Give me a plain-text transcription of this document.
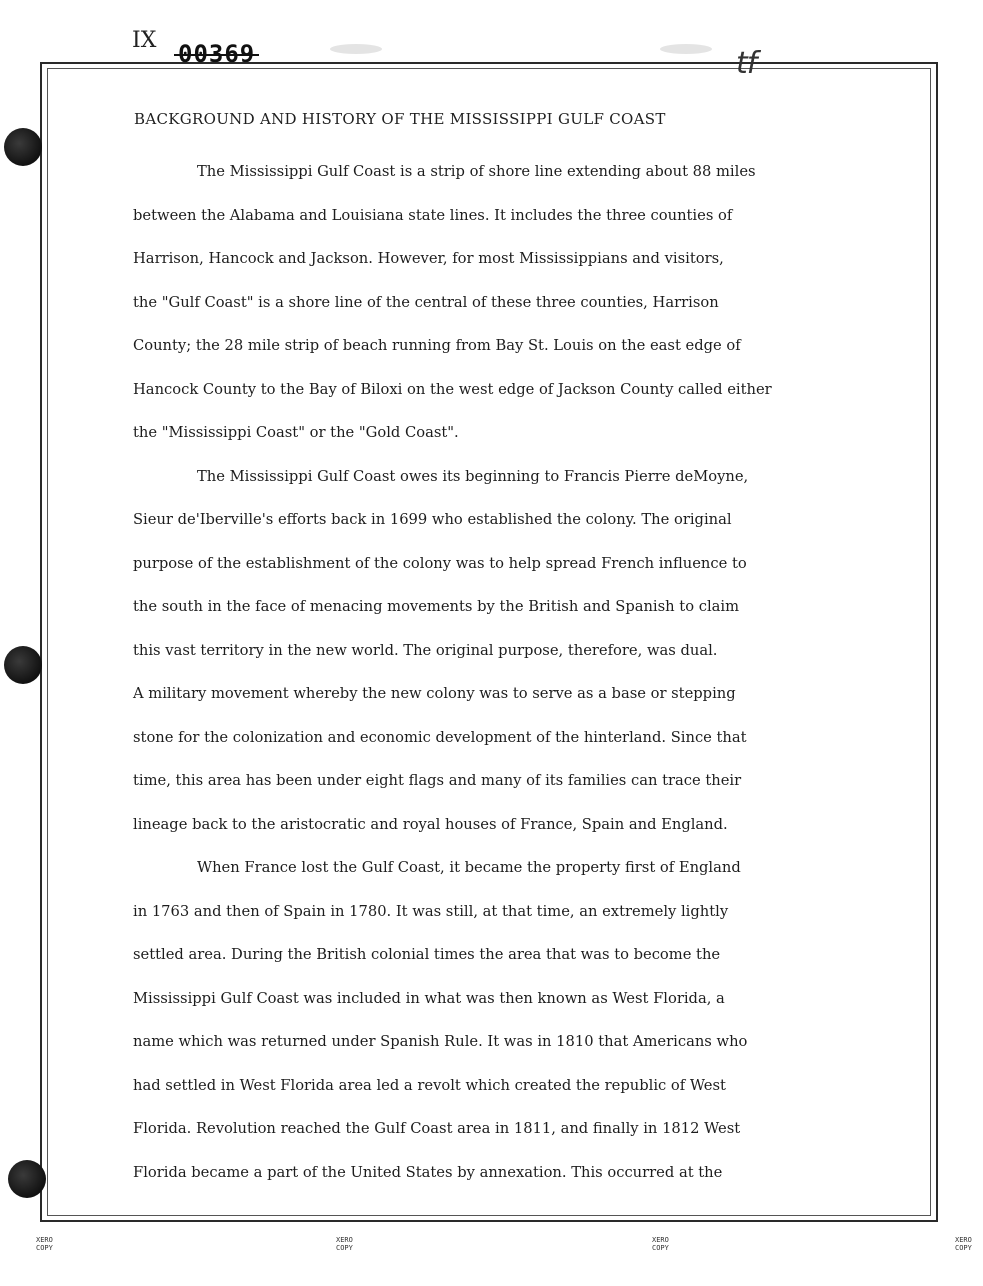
IX 00369	tf
BACKGROUND AND HISTORY OF THE MISSISSIPPI GULF COAST

The Mississippi Gulf Coast is a strip of shore line extending about 88 miles
between the Alabama and Louisiana state lines. It includes the three counties of
Harrison, Hancock and Jackson. However, for most Mississippians and visitors,
the "Gulf Coast" is a shore line of the central of these three counties, Harrison
County; the 28 mile strip of beach running from Bay St. Louis on the east edge of
Hancock County to the Bay of Biloxi on the west edge of Jackson County called either
the "Mississippi Coast" or the "Gold Coast".

The Mississippi Gulf Coast owes its beginning to Francis Pierre deMoyne,
Sieur de'Iberville's efforts back in 1699 who established the colony. The original
purpose of the establishment of the colony was to help spread French influence to
the south in the face of menacing movements by the British and Spanish to claim
this vast territory in the new world. The original purpose, therefore, was dual.
A military movement whereby the new colony was to serve as a base or stepping
stone for the colonization and economic development of the hinterland. Since that
time, this area has been under eight flags and many of its families can trace their
lineage back to the aristocratic and royal houses of France, Spain and England.

When France lost the Gulf Coast, it became the property first of England
in 1763 and then of Spain in 1780. It was still, at that time, an extremely lightly
settled area. During the British colonial times the area that was to become the
Mississippi Gulf Coast was included in what was then known as West Florida, a
name which was returned under Spanish Rule. It was in 1810 that Americans who
had settled in West Florida area led a revolt which created the republic of West
Florida. Revolution reached the Gulf Coast area in 1811, and finally in 1812 West
Florida became a part of the United States by annexation. This occurred at the

XERO
COPY
XERO
COPY
XERO
COPY
XERO
COPY
